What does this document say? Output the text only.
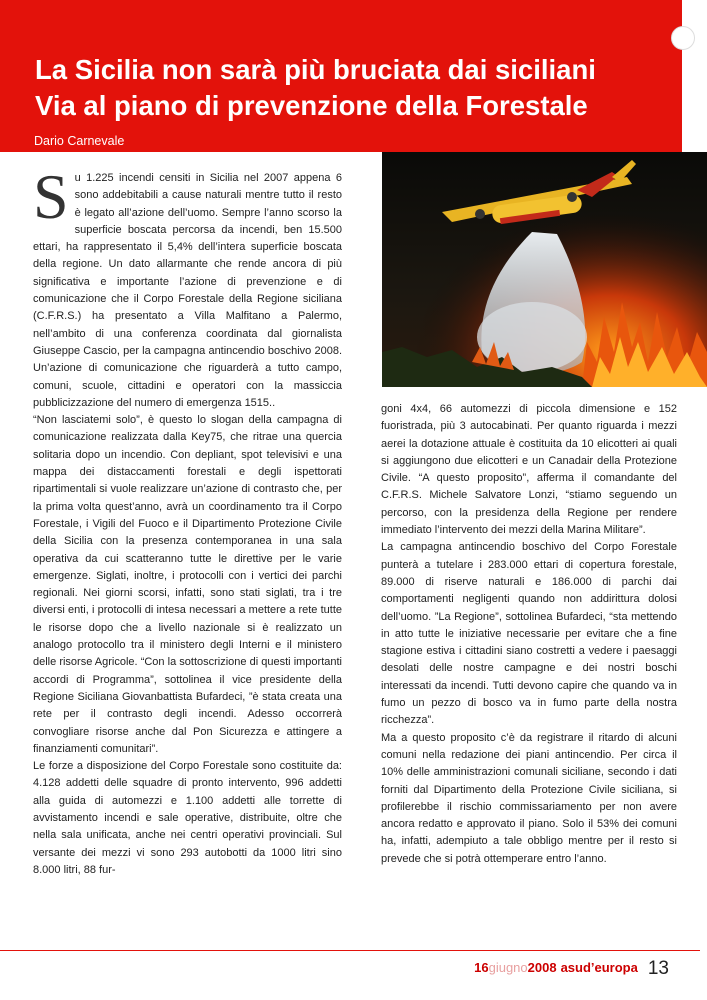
La Sicilia non sarà più bruciata dai siciliani
Via al piano di prevenzione della Forestale
Dario Carnevale
S u 1.225 incendi censiti in Sicilia nel 2007 appena 6 sono addebitabili a cause naturali mentre tutto il resto è legato all’azione dell’uomo. Sempre l’anno scorso la superficie boscata percorsa da incendi, ben 15.500 ettari, ha rappresentato il 5,4% dell’intera superficie boscata della regione. Un dato allarmante che rende ancora di più significativa e importante l’azione di prevenzione e di comunicazione che il Corpo Forestale della Regione siciliana (C.F.R.S.) ha presentato a Villa Malfitano a Palermo, nell’ambito di una conferenza coordinata dal giornalista Giuseppe Cascio, per la campagna antincendio boschivo 2008. Un’azione di comunicazione che riguarderà a tutto campo, comuni, scuole, cittadini e operatori con la massiccia pubblicizzazione del numero di emergenza 1515..

“Non lasciatemi solo”, è questo lo slogan della campagna di comunicazione realizzata dalla Key75, che ritrae una quercia solitaria dopo un incendio. Con depliant, spot televisivi e una mappa dei distaccamenti forestali e degli ispettorati ripartimentali si vuole realizzare un’azione di contrasto che, per la prima volta quest’anno, avrà un coordinamento tra il Corpo Forestale, i Vigili del Fuoco e il Dipartimento Protezione Civile della Sicilia con la presenza contemporanea in una sala operativa da cui scatteranno tutte le direttive per le varie emergenze. Siglati, inoltre, i protocolli con i vertici dei parchi regionali. Nei giorni scorsi, infatti, sono stati siglati, tra i tre diversi enti, i protocolli di intesa necessari a mettere a rete tutte le risorse dopo che a livello nazionale si è realizzato un analogo protocollo tra il ministero degli Interni e il ministero delle risorse Agricole. “Con la sottoscrizione di questi importanti accordi di Programma”, sottolinea il vice presidente della Regione Siciliana Giovanbattista Bufardeci, ”è stata creata una rete per il contrasto degli incendi. Adesso occorrerà convogliare risorse anche dal Pon Sicurezza e attingere a finanziamenti comunitari”.

Le forze a disposizione del Corpo Forestale sono costituite da: 4.128 addetti delle squadre di pronto intervento, 996 addetti alla guida di automezzi e 1.100 addetti alle torrette di avvistamento incendi e sale operative, distribuite, oltre che nella sala unificata, anche nei centri operativi provinciali. Sul versante dei mezzi vi sono 293 autobotti da 1000 litri sino 8.000 litri, 88 fur-

goni 4x4, 66 automezzi di piccola dimensione e 152 fuoristrada, più 3 autocabinati. Per quanto riguarda i mezzi aerei la dotazione attuale è costituita da 10 elicotteri ai quali si aggiungono due elicotteri e un Canadair della Protezione Civile. “A questo proposito”, afferma il comandante del C.F.R.S. Michele Salvatore Lonzi, “stiamo seguendo un percorso, con la presidenza della Regione per rendere immediato l’intervento dei mezzi della Marina Militare”.

La campagna antincendio boschivo del Corpo Forestale punterà a tutelare i 283.000 ettari di copertura forestale, 89.000 di riserve naturali e 186.000 di parchi dai comportamenti negligenti quando non addirittura dolosi dell’uomo. ”La Regione”, sottolinea Bufardeci, “sta mettendo in atto tutte le iniziative necessarie per evitare che a fine stagione estiva i cittadini siano costretti a vedere i paesaggi desolati delle nostre campagne e dei nostri boschi interessati da incendi. Tutti devono capire che quando va in fumo un pezzo di bosco va in fumo parte della nostra ricchezza”.

Ma a questo proposito c’è da registrare il ritardo di alcuni comuni nella redazione dei piani antincendio. Per circa il 10% delle amministrazioni comunali siciliane, secondo i dati forniti dal Dipartimento della Protezione Civile siciliana, si profilerebbe il rischio commissariamento per non avere ancora redatto e approvato il piano. Solo il 53% dei comuni ha, infatti, adempiuto a tale obbligo mentre per il resto si prevede che si potrà ottemperare entro l’anno.

16giugno2008 asud’europa 13
